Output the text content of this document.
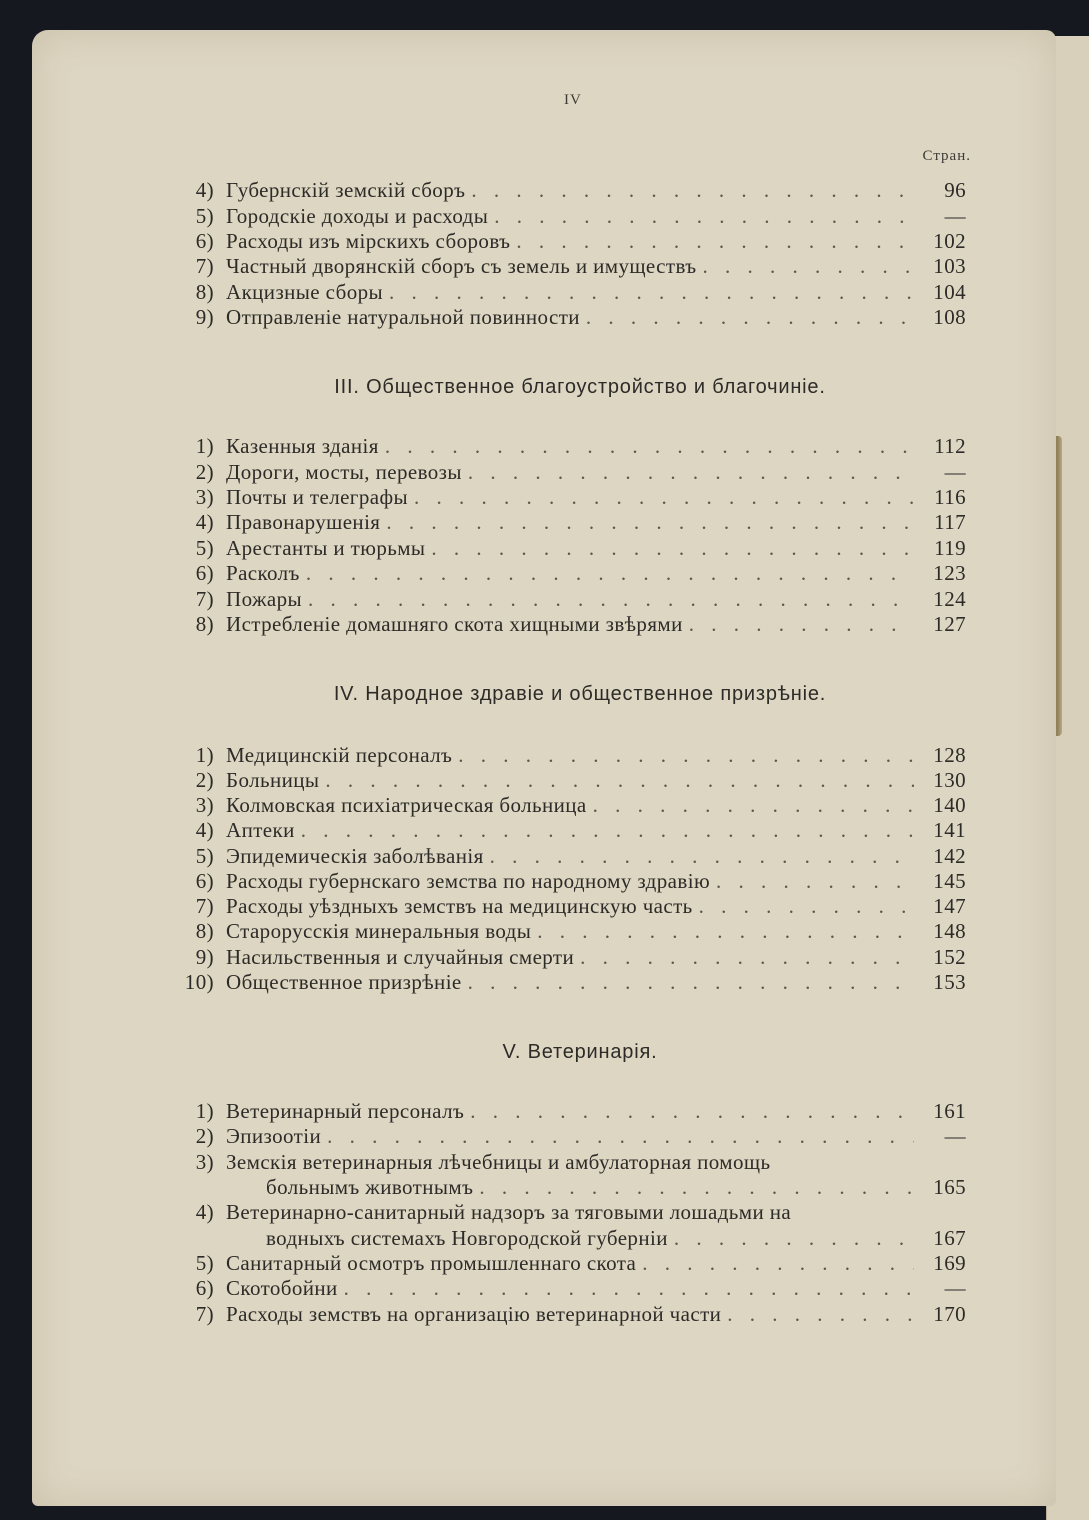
IV
Стран.
4) Губернскій земскій сборъ . . .	96
5) Городскіе доходы и расходы . . .	—
6) Расходы изъ мірскихъ сборовъ . . .	102
7) Частный дворянскій сборъ съ земель и имуществъ . . .	103
8) Акцизные сборы . . .	104
9) Отправленіе натуральной повинности . . .	108
III. Общественное благоустройство и благочиніе.
1) Казенныя зданія . . .	112
2) Дороги, мосты, перевозы . . .	—
3) Почты и телеграфы . . .	116
4) Правонарушенія . . .	117
5) Арестанты и тюрьмы . . .	119
6) Расколъ . . .	123
7) Пожары . . .	124
8) Истребленіе домашняго скота хищными звѣрями . . .	127
IV. Народное здравіе и общественное призрѣніе.
1) Медицинскій персоналъ . . .	128
2) Больницы . . .	130
3) Колмовская психіатрическая больница . . .	140
4) Аптеки . . .	141
5) Эпидемическія заболѣванія . . .	142
6) Расходы губернскаго земства по народному здравію . . .	145
7) Расходы уѣздныхъ земствъ на медицинскую часть . . .	147
8) Старорусскія минеральныя воды . . .	148
9) Насильственныя и случайныя смерти . . .	152
10) Общественное призрѣніе . . .	153
V. Ветеринарія.
1) Ветеринарный персоналъ . . .	161
2) Эпизоотіи . . .	—
3) Земскія ветеринарныя лѣчебницы и амбулаторная помощь
больнымъ животнымъ . . .	165
4) Ветеринарно-санитарный надзоръ за тяговыми лошадьми на
водныхъ системахъ Новгородской губерніи . . .	167
5) Санитарный осмотръ промышленнаго скота . . .	169
6) Скотобойни . . .	—
7) Расходы земствъ на организацію ветеринарной части . . .	170
